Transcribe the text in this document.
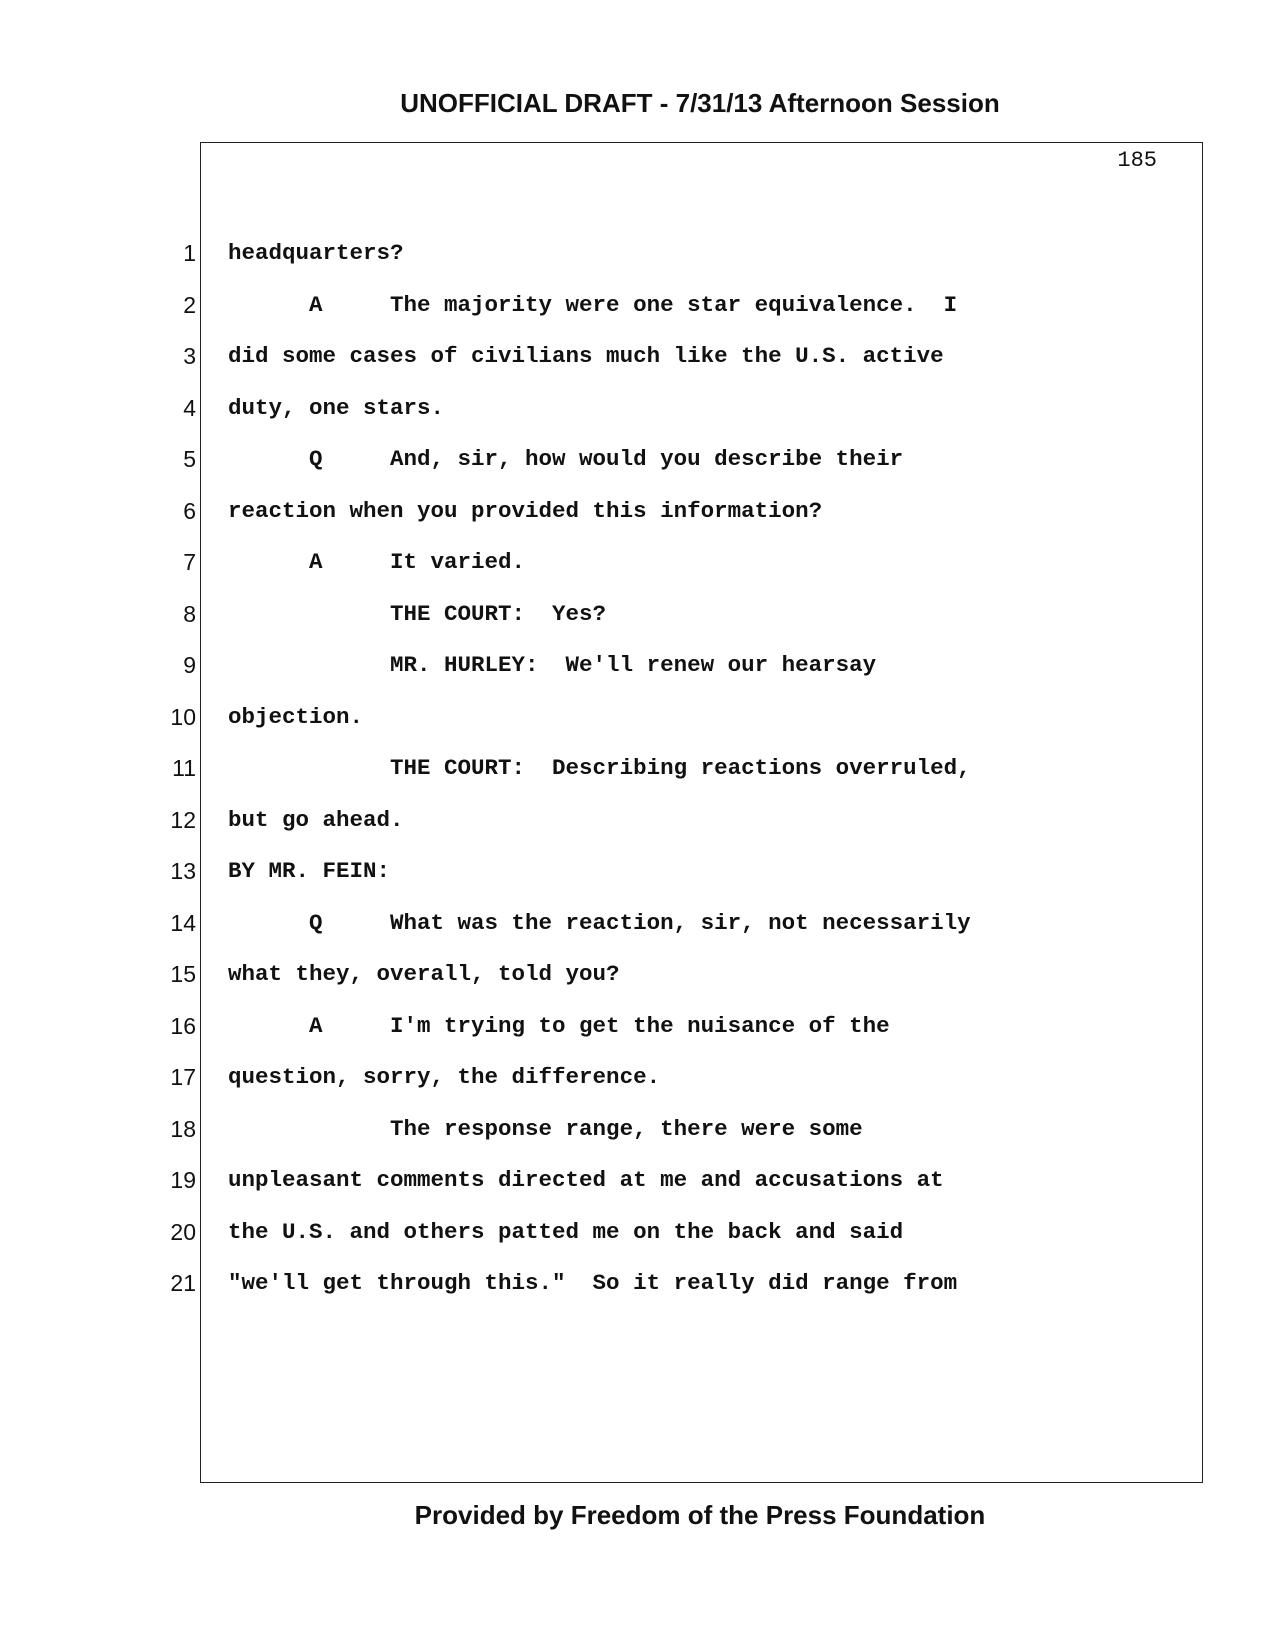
UNOFFICIAL DRAFT - 7/31/13 Afternoon Session
185
1 headquarters?
2 A     The majority were one star equivalence.  I
3 did some cases of civilians much like the U.S. active
4 duty, one stars.
5 Q     And, sir, how would you describe their
6 reaction when you provided this information?
7 A     It varied.
8 THE COURT:  Yes?
9 MR. HURLEY:  We'll renew our hearsay
10 objection.
11 THE COURT:  Describing reactions overruled,
12 but go ahead.
13 BY MR. FEIN:
14 Q     What was the reaction, sir, not necessarily
15 what they, overall, told you?
16 A     I'm trying to get the nuisance of the
17 question, sorry, the difference.
18 The response range, there were some
19 unpleasant comments directed at me and accusations at
20 the U.S. and others patted me on the back and said
21 "we'll get through this."  So it really did range from
Provided by Freedom of the Press Foundation
